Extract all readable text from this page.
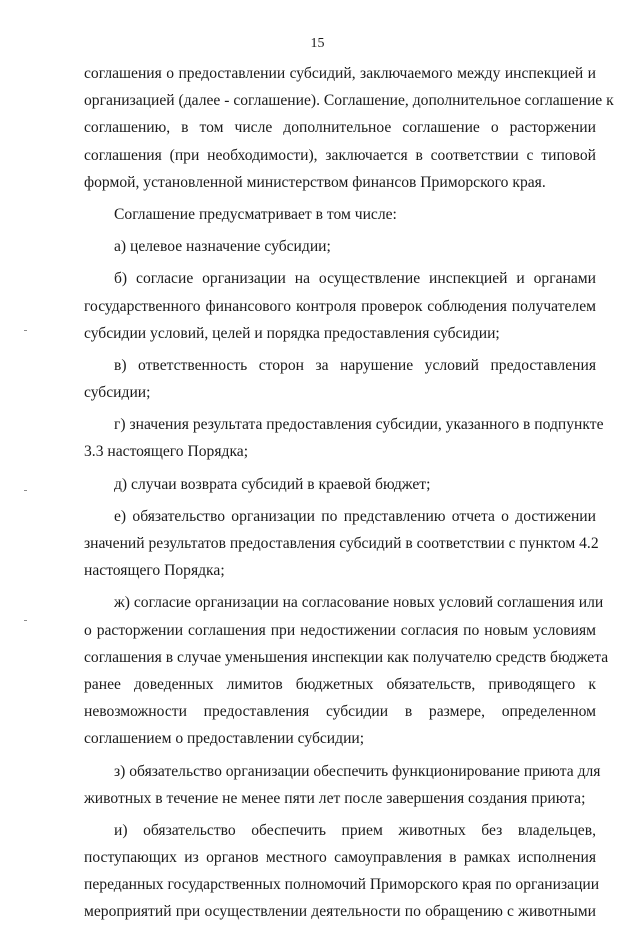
15
соглашения о предоставлении субсидий, заключаемого между инспекцией и
организацией (далее - соглашение). Соглашение, дополнительное соглашение к
соглашению, в том числе дополнительное соглашение о расторжении
соглашения (при необходимости), заключается в соответствии с типовой
формой, установленной министерством финансов Приморского края.
Соглашение предусматривает в том числе:
а) целевое назначение субсидии;
б) согласие организации на осуществление инспекцией и органами
государственного финансового контроля проверок соблюдения получателем
субсидии условий, целей и порядка предоставления субсидии;
в) ответственность сторон за нарушение условий предоставления
субсидии;
г) значения результата предоставления субсидии, указанного в подпункте
3.3 настоящего Порядка;
д) случаи возврата субсидий в краевой бюджет;
е) обязательство организации по представлению отчета о достижении
значений результатов предоставления субсидий в соответствии с пунктом 4.2
настоящего Порядка;
ж) согласие организации на согласование новых условий соглашения или
о расторжении соглашения при недостижении согласия по новым условиям
соглашения в случае уменьшения инспекции как получателю средств бюджета
ранее доведенных лимитов бюджетных обязательств, приводящего к
невозможности предоставления субсидии в размере, определенном
соглашением о предоставлении субсидии;
з) обязательство организации обеспечить функционирование приюта для
животных в течение не менее пяти лет после завершения создания приюта;
и) обязательство обеспечить прием животных без владельцев,
поступающих из органов местного самоуправления в рамках исполнения
переданных государственных полномочий Приморского края по организации
мероприятий при осуществлении деятельности по обращению с животными
